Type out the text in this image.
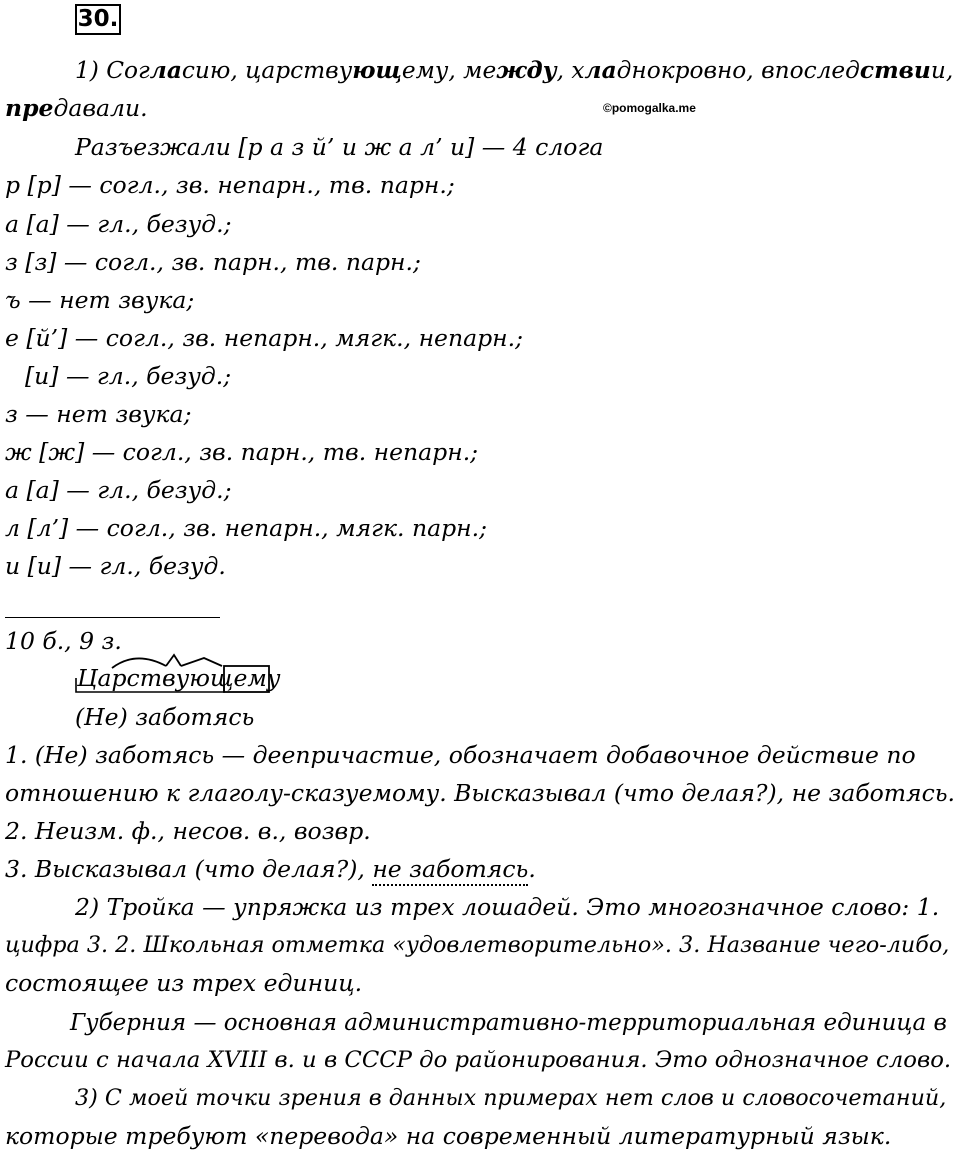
30.
1) Согласию, царствующему, между, хладнокровно, впоследствии,
предавали.	©pomogalka.me
Разъезжали [р а з й’ и ж а л’ и] — 4 слога
р [р] — согл., зв. непарн., тв. парн.;
а [а] — гл., безуд.;
з [з] — согл., зв. парн., тв. парн.;
ъ — нет звука;
е [й’] — согл., зв. непарн., мягк., непарн.;
[и] — гл., безуд.;
з — нет звука;
ж [ж] — согл., зв. парн., тв. непарн.;
а [а] — гл., безуд.;
л [л’] — согл., зв. непарн., мягк. парн.;
и [и] — гл., безуд.
10 б., 9 з.
Царствующему
(Не) заботясь
1. (Не) заботясь — деепричастие, обозначает добавочное действие по
отношению к глаголу-сказуемому. Высказывал (что делая?), не заботясь.
2. Неизм. ф., несов. в., возвр.
3. Высказывал (что делая?), не заботясь.
2) Тройка — упряжка из трех лошадей. Это многозначное слово: 1.
цифра 3. 2. Школьная отметка «удовлетворительно». 3. Название чего-либо,
состоящее из трех единиц.
Губерния — основная административно-территориальная единица в
России с начала XVIII в. и в СССР до районирования. Это однозначное слово.
3) С моей точки зрения в данных примерах нет слов и словосочетаний,
которые требуют «перевода» на современный литературный язык.
